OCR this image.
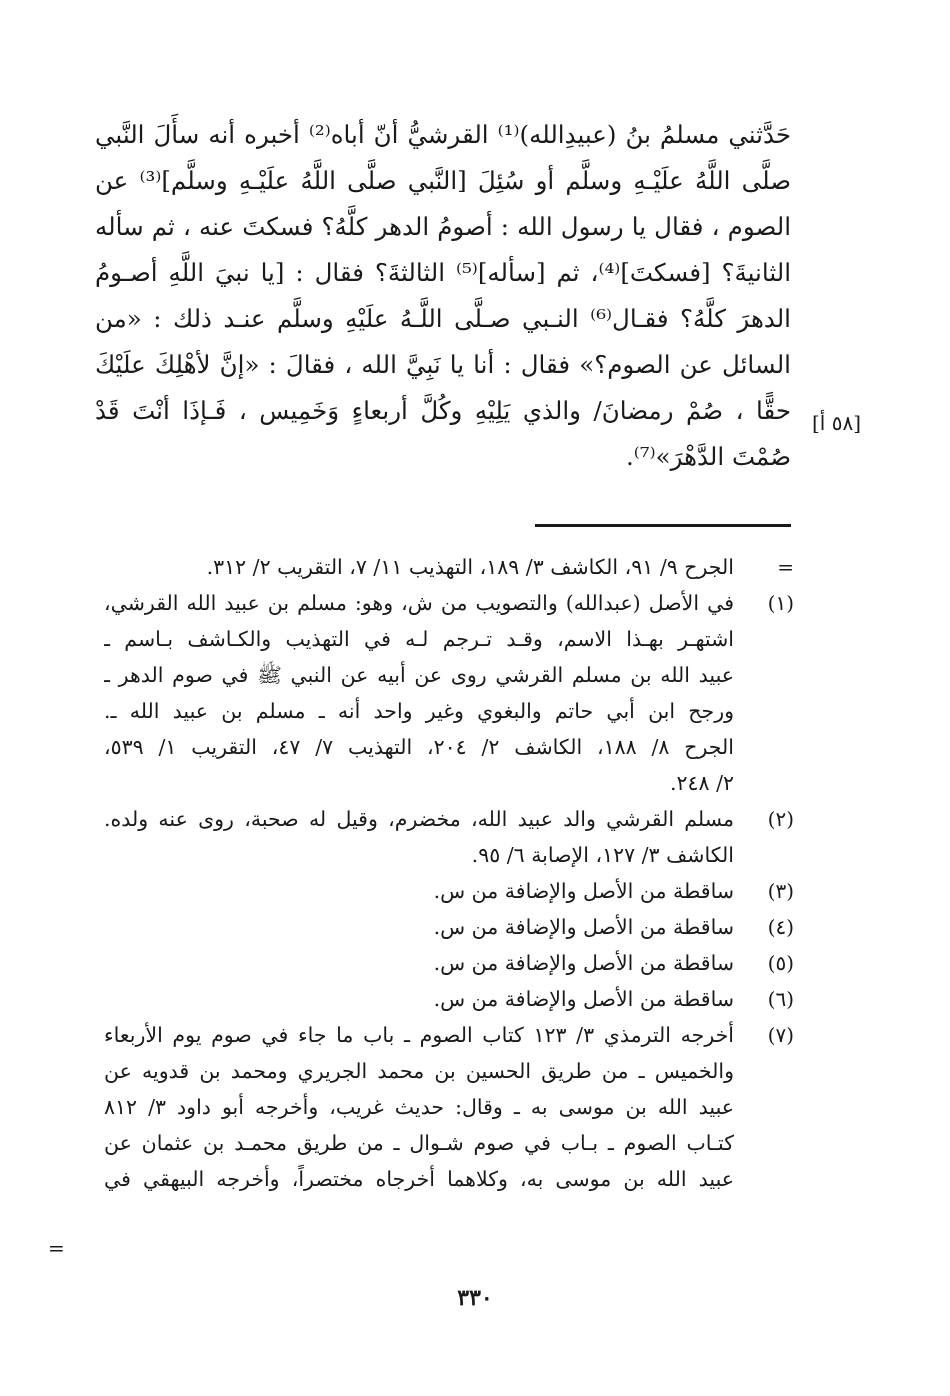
حَدَّثني مسلمُ بنُ (عبيدِالله)⁽¹⁾ القرشيُّ أنّ أباه⁽²⁾ أخبره أنه سأَلَ النَّبي
صلَّى اللَّهُ علَيْـهِ وسلَّم أو سُئِلَ [النَّبي صلَّى اللَّهُ علَيْـهِ وسلَّم]⁽³⁾ عن
الصوم ، فقال يا رسول الله : أصومُ الدهر كلَّهُ؟ فسكتَ عنه ، ثم سأله
الثانيةَ؟ [فسكتَ]⁽⁴⁾، ثم [سأله]⁽⁵⁾ الثالثةَ؟ فقال : [يا نبيَ اللَّهِ أصـومُ
الدهرَ كلَّهُ؟ فقـال⁽⁶⁾ النـبي صـلَّى اللَّـهُ علَيْهِ وسلَّم عنـد ذلك : «من
السائل عن الصوم؟» فقال : أنا يا نَبِيَّ الله ، فقالَ : «إنَّ لأهْلِكَ علَيْكَ
حقًّا ، صُمْ رمضانَ/ والذي يَلِيْهِ وكُلَّ أربعاءٍ وَخَمِيس ، فَـإذَا أنْتَ قَدْ
صُمْتَ الدَّهْرَ»⁽⁷⁾.
[٥٨ أ]
=
الجرح ٩/ ٩١، الكاشف ٣/ ١٨٩، التهذيب ١١/ ٧، التقريب ٢/ ٣١٢.
(١)
في الأصل (عبدالله) والتصويب من ش، وهو: مسلم بن عبيد الله القرشي،
اشتهـر بهـذا الاسم، وقـد تـرجم لـه في التهذيب والكـاشف بـاسم ـ
عبيد الله بن مسلم القرشي روى عن أبيه عن النبي ﷺ في صوم الدهر ـ
ورجح ابن أبي حاتم والبغوي وغير واحد أنه ـ مسلم بن عبيد الله ـ.
الجرح ٨/ ١٨٨، الكاشف ٢/ ٢٠٤، التهذيب ٧/ ٤٧، التقريب ١/ ٥٣٩،
٢/ ٢٤٨.
(٢)
مسلم القرشي والد عبيد الله، مخضرم، وقيل له صحبة، روى عنه ولده.
الكاشف ٣/ ١٢٧، الإصابة ٦/ ٩٥.
(٣)
ساقطة من الأصل والإضافة من س.
(٤)
ساقطة من الأصل والإضافة من س.
(٥)
ساقطة من الأصل والإضافة من س.
(٦)
ساقطة من الأصل والإضافة من س.
(٧)
أخرجه الترمذي ٣/ ١٢٣ كتاب الصوم ـ باب ما جاء في صوم يوم الأربعاء
والخميس ـ من طريق الحسين بن محمد الجريري ومحمد بن قدويه عن
عبيد الله بن موسى به ـ وقال: حديث غريب، وأخرجه أبو داود ٣/ ٨١٢
كتـاب الصوم ـ بـاب في صوم شـوال ـ من طريق محمـد بن عثمان عن
عبيد الله بن موسى به، وكلاهما أخرجاه مختصراً، وأخرجه البيهقي في
=
٣٣٠
